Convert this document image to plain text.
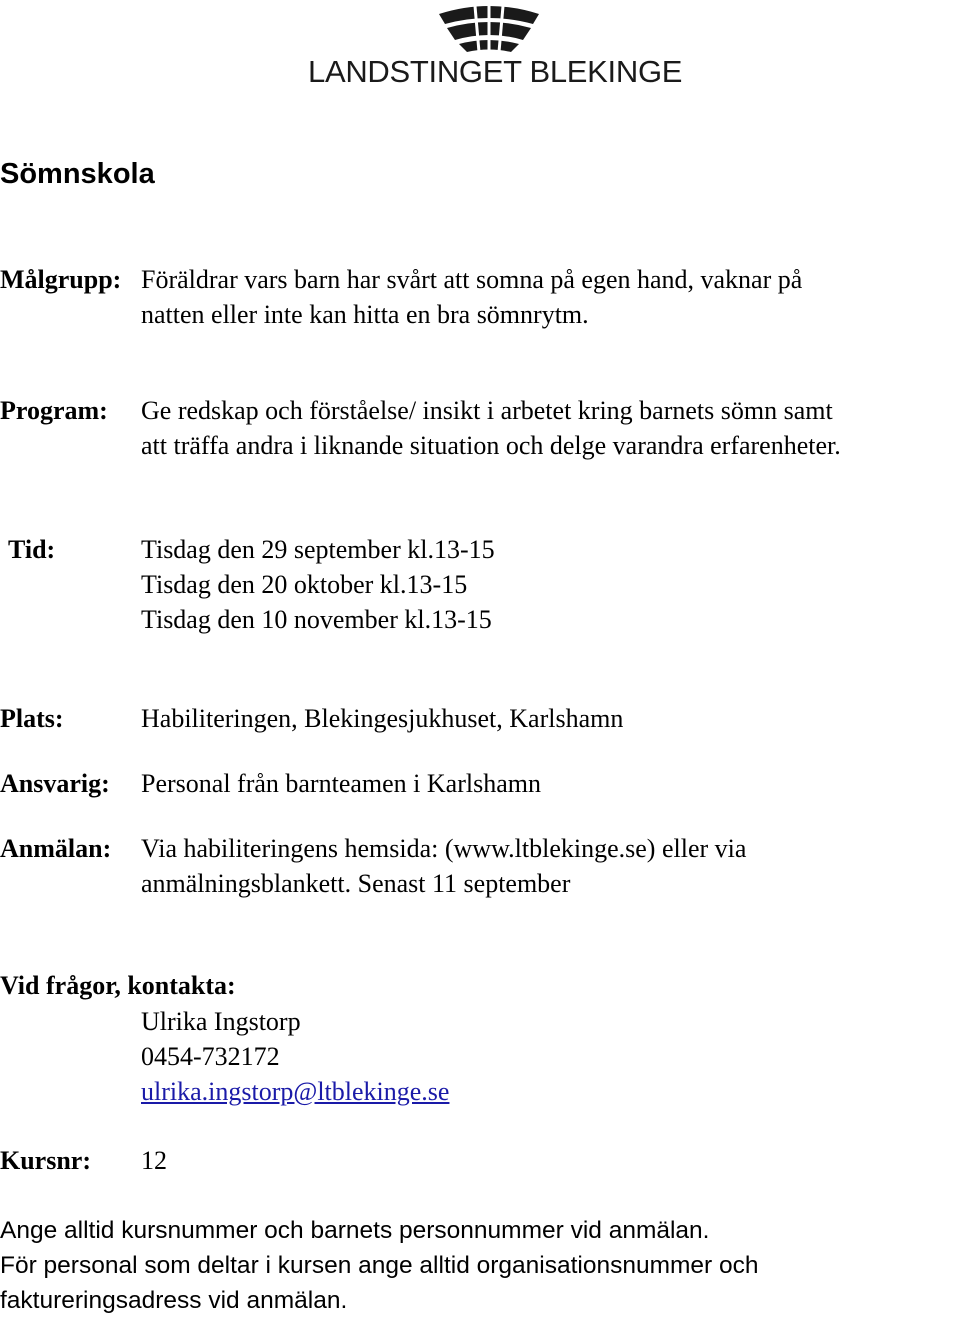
LANDSTINGET BLEKINGE
Sömnskola
Målgrupp: Föräldrar vars barn har svårt att somna på egen hand, vaknar på
natten eller inte kan hitta en bra sömnrytm.
Program: Ge redskap och förståelse/ insikt i arbetet kring barnets sömn samt
att träffa andra i liknande situation och delge varandra erfarenheter.
Tid:	Tisdag den 29 september kl.13-15
Tisdag den 20 oktober kl.13-15
Tisdag den 10 november kl.13-15
Plats:	Habiliteringen, Blekingesjukhuset, Karlshamn
Ansvarig: Personal från barnteamen i Karlshamn
Anmälan: Via habiliteringens hemsida: (www.ltblekinge.se) eller via
anmälningsblankett. Senast 11 september
Vid frågor, kontakta:
Ulrika Ingstorp
0454-732172
ulrika.ingstorp@ltblekinge.se
Kursnr: 12
Ange alltid kursnummer och barnets personnummer vid anmälan.
För personal som deltar i kursen ange alltid organisationsnummer och
faktureringsadress vid anmälan.
